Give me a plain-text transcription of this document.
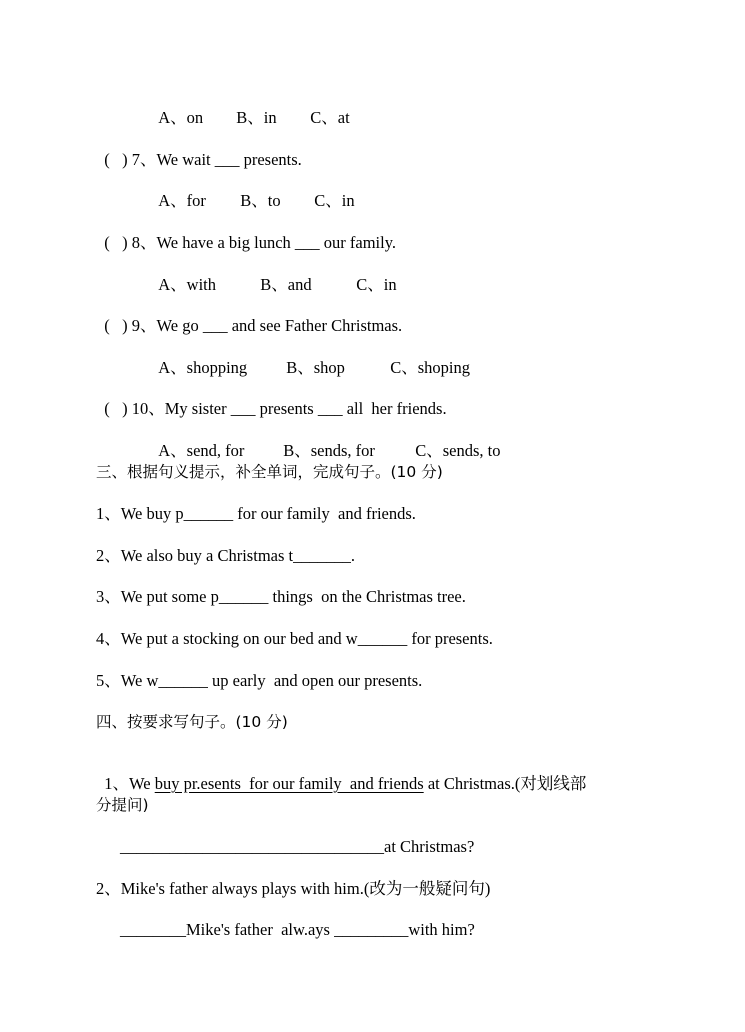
A、on B、in C、at

(   ) 7、We wait ___ presents.

A、for B、to C、in

(   ) 8、We have a big lunch ___ our family.

A、with	B、and	C、in

(   ) 9、We go ___ and see Father Christmas.

A、shopping B、shop	C、shoping

(   ) 10、My sister ___ presents ___ all  her friends.

A、send, for B、sends, for C、sends, to

三、根据句义提示，补全单词，完成句子。(10 分)
1、We buy p______ for our family  and friends.
2、We also buy a Christmas t_______.
3、We put some p______ things  on the Christmas tree.
4、We put a stocking on our bed and w______ for presents.
5、We w______ up early  and open our presents.
四、按要求写句子。(10 分)

1、We buy pr.esents  for our family  and friends at Christmas.(对划线部

分提问)
________________________________at Christmas?
2、Mike's father always plays with him.(改为一般疑问句)
________Mike's father  alw.ays _________with him?
